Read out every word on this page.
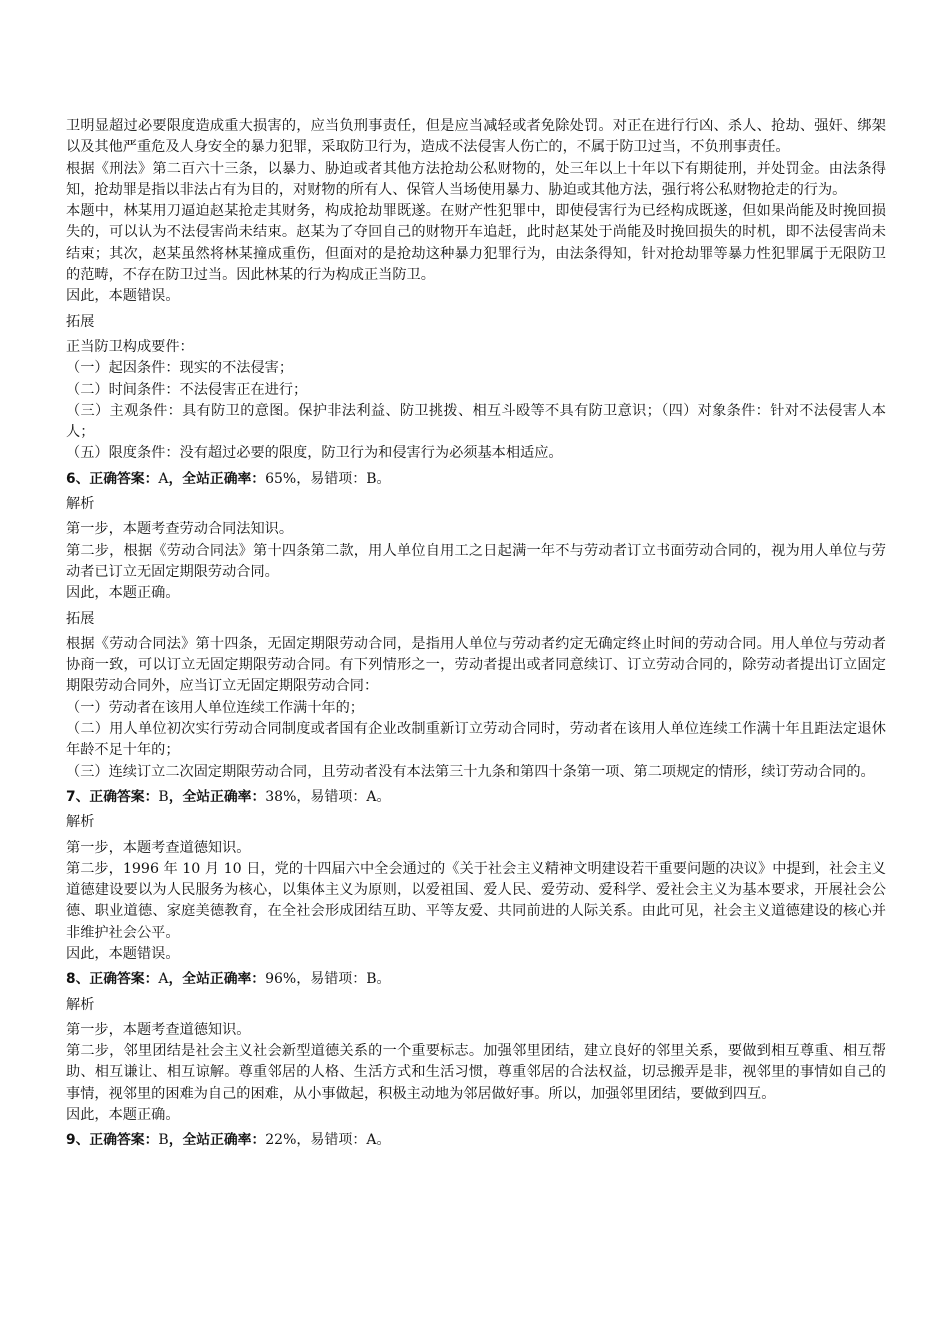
卫明显超过必要限度造成重大损害的，应当负刑事责任，但是应当减轻或者免除处罚。对正在进行行凶、杀人、抢劫、强奸、绑架以及其他严重危及人身安全的暴力犯罪，采取防卫行为，造成不法侵害人伤亡的，不属于防卫过当，不负刑事责任。

根据《刑法》第二百六十三条，以暴力、胁迫或者其他方法抢劫公私财物的，处三年以上十年以下有期徒刑，并处罚金。由法条得知，抢劫罪是指以非法占有为目的，对财物的所有人、保管人当场使用暴力、胁迫或其他方法，强行将公私财物抢走的行为。

本题中，林某用刀逼迫赵某抢走其财务，构成抢劫罪既遂。在财产性犯罪中，即使侵害行为已经构成既遂，但如果尚能及时挽回损失的，可以认为不法侵害尚未结束。赵某为了夺回自己的财物开车追赶，此时赵某处于尚能及时挽回损失的时机，即不法侵害尚未结束；其次，赵某虽然将林某撞成重伤，但面对的是抢劫这种暴力犯罪行为，由法条得知，针对抢劫罪等暴力性犯罪属于无限防卫的范畴，不存在防卫过当。因此林某的行为构成正当防卫。

因此，本题错误。

拓展

正当防卫构成要件：

（一）起因条件：现实的不法侵害；

（二）时间条件：不法侵害正在进行；

（三）主观条件：具有防卫的意图。保护非法利益、防卫挑拨、相互斗殴等不具有防卫意识；（四）对象条件：针对不法侵害人本人；

（五）限度条件：没有超过必要的限度，防卫行为和侵害行为必须基本相适应。

6、正确答案：A，全站正确率：65%，易错项：B。

解析

第一步，本题考查劳动合同法知识。

第二步，根据《劳动合同法》第十四条第二款，用人单位自用工之日起满一年不与劳动者订立书面劳动合同的，视为用人单位与劳动者已订立无固定期限劳动合同。

因此，本题正确。

拓展

根据《劳动合同法》第十四条，无固定期限劳动合同，是指用人单位与劳动者约定无确定终止时间的劳动合同。用人单位与劳动者协商一致，可以订立无固定期限劳动合同。有下列情形之一，劳动者提出或者同意续订、订立劳动合同的，除劳动者提出订立固定期限劳动合同外，应当订立无固定期限劳动合同：

（一）劳动者在该用人单位连续工作满十年的；

（二）用人单位初次实行劳动合同制度或者国有企业改制重新订立劳动合同时，劳动者在该用人单位连续工作满十年且距法定退休年龄不足十年的；

（三）连续订立二次固定期限劳动合同，且劳动者没有本法第三十九条和第四十条第一项、第二项规定的情形，续订劳动合同的。

7、正确答案：B，全站正确率：38%，易错项：A。

解析

第一步，本题考查道德知识。

第二步，1996 年 10 月 10 日，党的十四届六中全会通过的《关于社会主义精神文明建设若干重要问题的决议》中提到，社会主义道德建设要以为人民服务为核心，以集体主义为原则，以爱祖国、爱人民、爱劳动、爱科学、爱社会主义为基本要求，开展社会公德、职业道德、家庭美德教育，在全社会形成团结互助、平等友爱、共同前进的人际关系。由此可见，社会主义道德建设的核心并非维护社会公平。

因此，本题错误。

8、正确答案：A，全站正确率：96%，易错项：B。

解析

第一步，本题考查道德知识。

第二步，邻里团结是社会主义社会新型道德关系的一个重要标志。加强邻里团结，建立良好的邻里关系，要做到相互尊重、相互帮助、相互谦让、相互谅解。尊重邻居的人格、生活方式和生活习惯，尊重邻居的合法权益，切忌搬弄是非，视邻里的事情如自己的事情，视邻里的困难为自己的困难，从小事做起，积极主动地为邻居做好事。所以，加强邻里团结，要做到四互。

因此，本题正确。

9、正确答案：B，全站正确率：22%，易错项：A。
